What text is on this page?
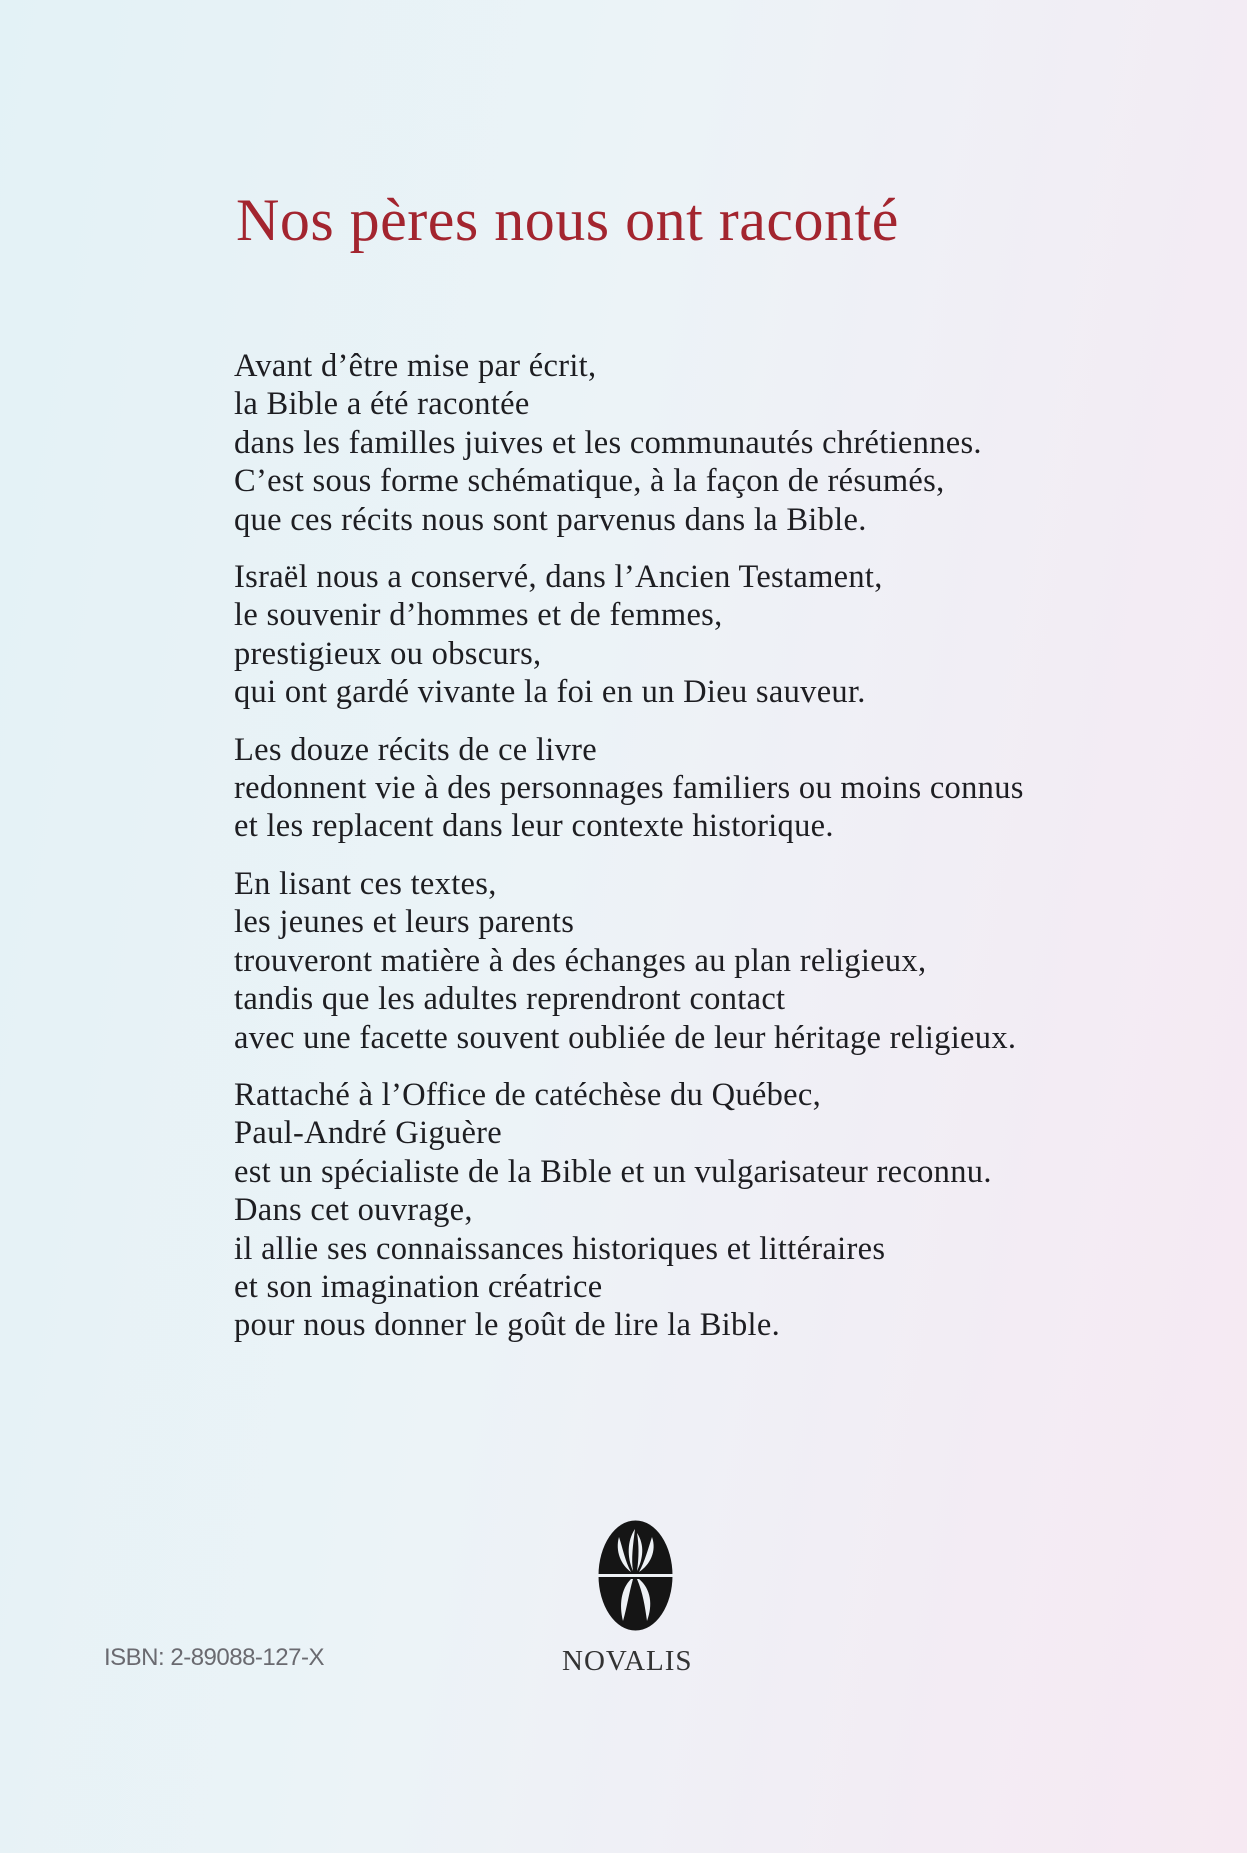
Nos pères nous ont raconté

Avant d’être mise par écrit,
la Bible a été racontée
dans les familles juives et les communautés chrétiennes.
C’est sous forme schématique, à la façon de résumés,
que ces récits nous sont parvenus dans la Bible.

Israël nous a conservé, dans l’Ancien Testament,
le souvenir d’hommes et de femmes,
prestigieux ou obscurs,
qui ont gardé vivante la foi en un Dieu sauveur.

Les douze récits de ce livre
redonnent vie à des personnages familiers ou moins connus
et les replacent dans leur contexte historique.

En lisant ces textes,
les jeunes et leurs parents
trouveront matière à des échanges au plan religieux,
tandis que les adultes reprendront contact
avec une facette souvent oubliée de leur héritage religieux.

Rattaché à l’Office de catéchèse du Québec,
Paul-André Giguère
est un spécialiste de la Bible et un vulgarisateur reconnu.
Dans cet ouvrage,
il allie ses connaissances historiques et littéraires
et son imagination créatrice
pour nous donner le goût de lire la Bible.

ISBN: 2-89088-127-X	NOVALIS
